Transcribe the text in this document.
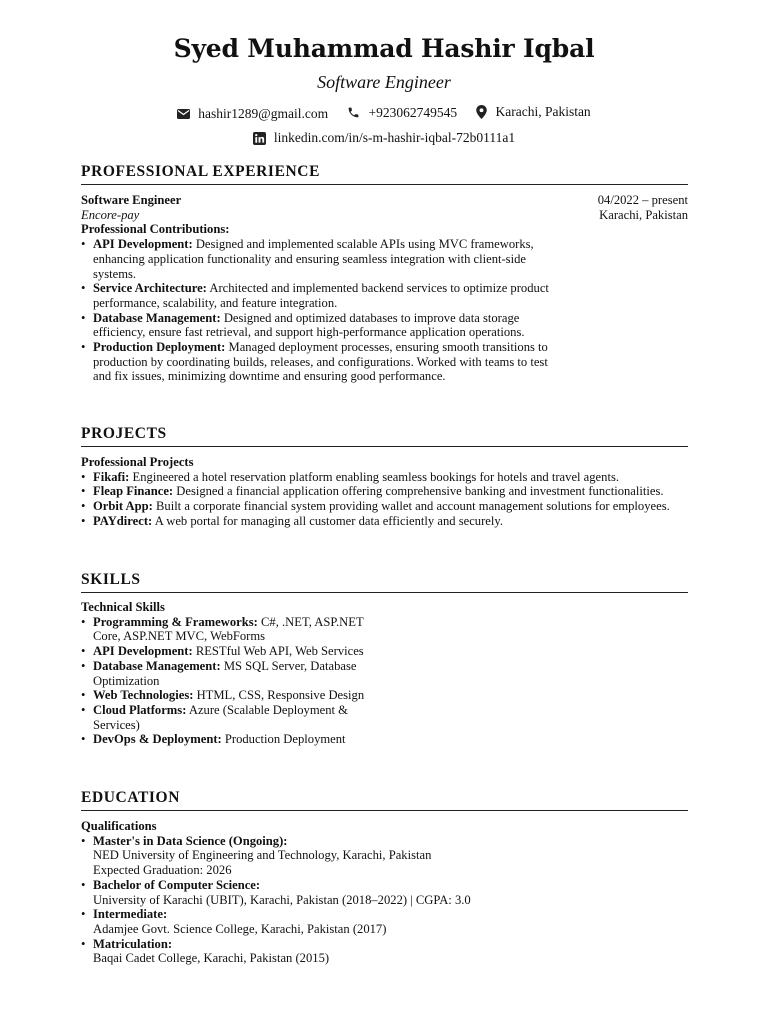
Syed Muhammad Hashir Iqbal
Software Engineer
hashir1289@gmail.com
	+923062749545
	Karachi, Pakistan
linkedin.com/in/s-m-hashir-iqbal-72b0111a1
PROFESSIONAL EXPERIENCE
Software Engineer
Encore-pay
04/2022 – present
Karachi, Pakistan
Professional Contributions:
• API Development: Designed and implemented scalable APIs using MVC frameworks, enhancing application functionality and ensuring seamless integration with client-side systems.
• Service Architecture: Architected and implemented backend services to optimize product performance, scalability, and feature integration.
• Database Management: Designed and optimized databases to improve data storage efficiency, ensure fast retrieval, and support high-performance application operations.
• Production Deployment: Managed deployment processes, ensuring smooth transitions to production by coordinating builds, releases, and configurations. Worked with teams to test and fix issues, minimizing downtime and ensuring good performance.
PROJECTS
Professional Projects
• Fikafi: Engineered a hotel reservation platform enabling seamless bookings for hotels and travel agents.
• Fleap Finance: Designed a financial application offering comprehensive banking and investment functionalities.
• Orbit App: Built a corporate financial system providing wallet and account management solutions for employees.
• PAYdirect: A web portal for managing all customer data efficiently and securely.
SKILLS
Technical Skills
• Programming & Frameworks: C#, .NET, ASP.NET Core, ASP.NET MVC, WebForms
• API Development: RESTful Web API, Web Services
• Database Management: MS SQL Server, Database Optimization
• Web Technologies: HTML, CSS, Responsive Design
• Cloud Platforms: Azure (Scalable Deployment & Services)
• DevOps & Deployment: Production Deployment
EDUCATION
Qualifications
• Master's in Data Science (Ongoing):
NED University of Engineering and Technology, Karachi, Pakistan
Expected Graduation: 2026
• Bachelor of Computer Science:
University of Karachi (UBIT), Karachi, Pakistan (2018–2022) | CGPA: 3.0
• Intermediate:
Adamjee Govt. Science College, Karachi, Pakistan (2017)
• Matriculation:
Baqai Cadet College, Karachi, Pakistan (2015)
